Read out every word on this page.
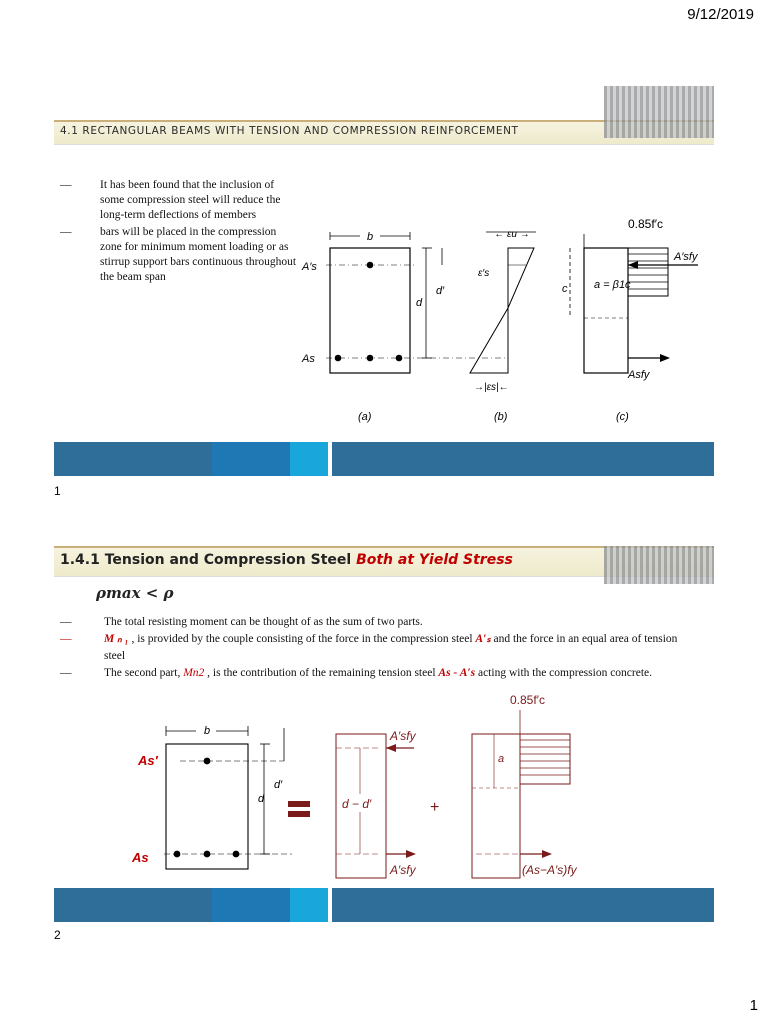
9/12/2019
4.1 RECTANGULAR BEAMS WITH TENSION AND COMPRESSION REINFORCEMENT
— It has been found that the inclusion of some compression steel will reduce the long-term deflections of members
— bars will be placed in the compression zone for minimum moment loading or as stirrup support bars continuous throughout the beam span
b
A′s
As
d
d′
← εu →
ε′s
→|εs|←
0.85f′c
A′sfy
c a = β1c
Asfy
(a)	(b)	(c)
1
1.4.1 Tension and Compression Steel Both at Yield Stress
ρmax < ρ
—	The total resisting moment can be thought of as the sum of two parts.
—	M ₙ ₁ , is provided by the couple consisting of the force in the compression steel A′ₛ and the force in an equal area of tension steel
—	The second part, Mn2 , is the contribution of the remaining tension steel As - A′s acting with the compression concrete.
b
As′
As
d
d′
A′sfy
d − d′
A′sfy
+
0.85f′c
a
(As−A′s)fy
2
1
